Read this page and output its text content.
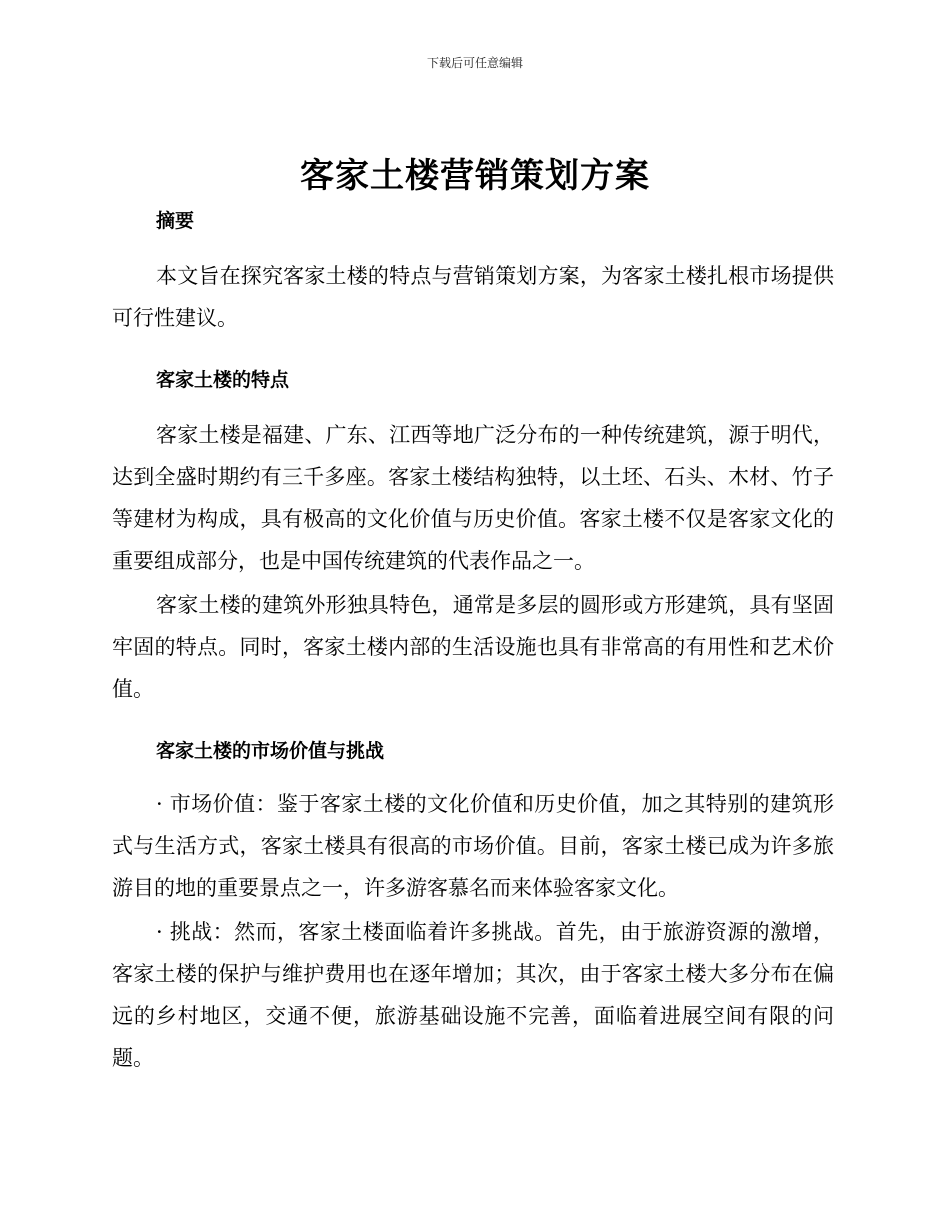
下载后可任意编辑
客家土楼营销策划方案

摘要

本文旨在探究客家土楼的特点与营销策划方案，为客家土楼扎根市场提供可行性建议。

客家土楼的特点

客家土楼是福建、广东、江西等地广泛分布的一种传统建筑，源于明代，达到全盛时期约有三千多座。客家土楼结构独特，以土坯、石头、木材、竹子等建材为构成，具有极高的文化价值与历史价值。客家土楼不仅是客家文化的重要组成部分，也是中国传统建筑的代表作品之一。

客家土楼的建筑外形独具特色，通常是多层的圆形或方形建筑，具有坚固牢固的特点。同时，客家土楼内部的生活设施也具有非常高的有用性和艺术价值。

客家土楼的市场价值与挑战

· 市场价值：鉴于客家土楼的文化价值和历史价值，加之其特别的建筑形式与生活方式，客家土楼具有很高的市场价值。目前，客家土楼已成为许多旅游目的地的重要景点之一，许多游客慕名而来体验客家文化。

· 挑战：然而，客家土楼面临着许多挑战。首先，由于旅游资源的激增，客家土楼的保护与维护费用也在逐年增加；其次，由于客家土楼大多分布在偏远的乡村地区，交通不便，旅游基础设施不完善，面临着进展空间有限的问题。
